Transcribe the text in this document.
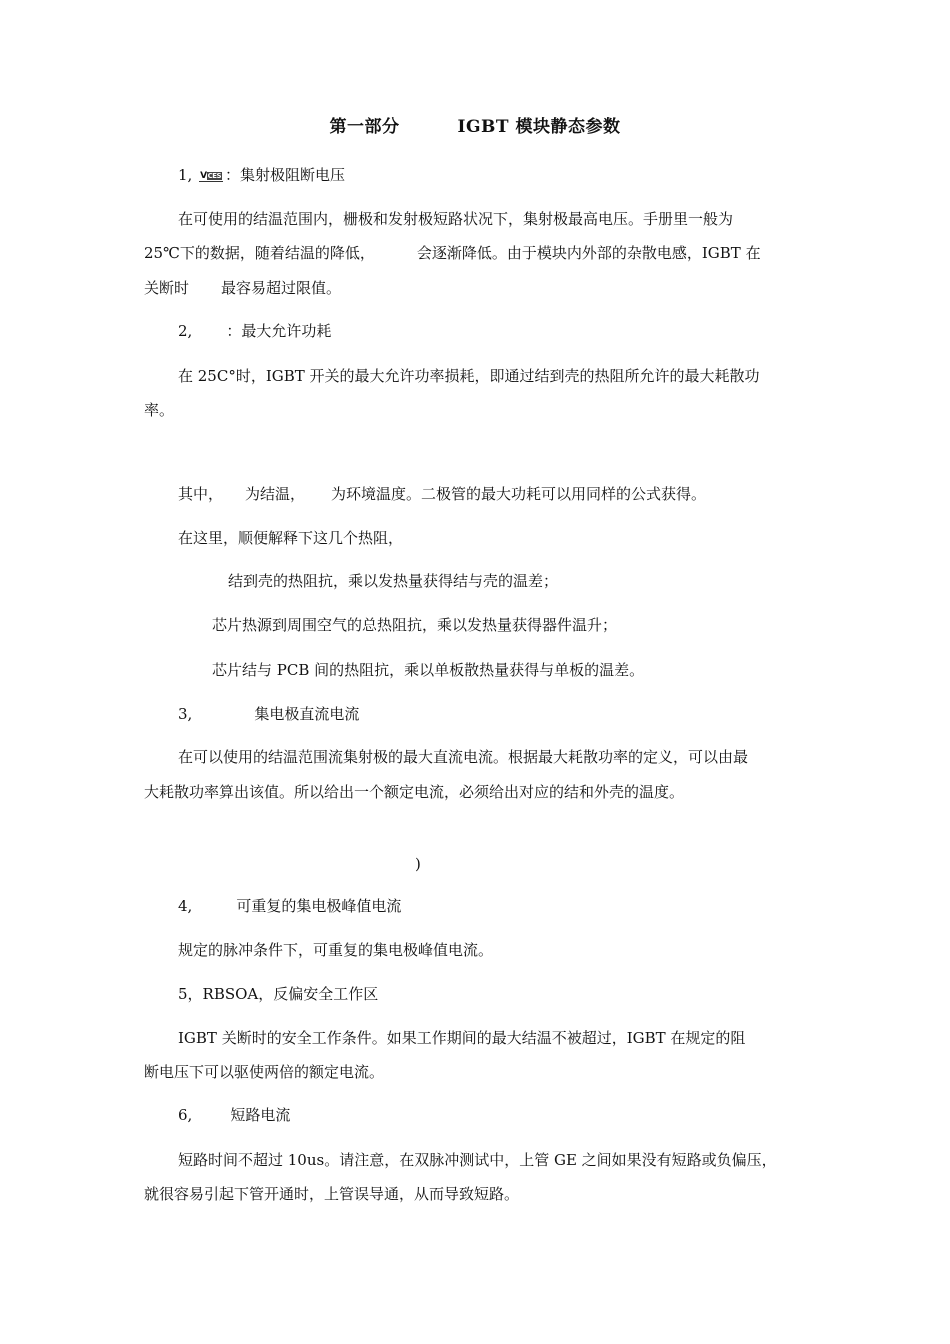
第一部分	IGBT 模块静态参数
1, VCES ：集射极阻断电压
在可使用的结温范围内，栅极和发射极短路状况下，集射极最高电压。手册里一般为
25℃下的数据，随着结温的降低，	会逐渐降低。由于模块内外部的杂散电感，IGBT 在
关断时 最容易超过限值。
2, ：最大允许功耗
在 25C°时，IGBT 开关的最大允许功率损耗，即通过结到壳的热阻所允许的最大耗散功
率。
其中， 为结温， 为环境温度。二极管的最大功耗可以用同样的公式获得。
在这里，顺便解释下这几个热阻，
结到壳的热阻抗，乘以发热量获得结与壳的温差；
芯片热源到周围空气的总热阻抗，乘以发热量获得器件温升；
芯片结与 PCB 间的热阻抗，乘以单板散热量获得与单板的温差。
3,	集电极直流电流
在可以使用的结温范围流集射极的最大直流电流。根据最大耗散功率的定义，可以由最
大耗散功率算出该值。所以给出一个额定电流，必须给出对应的结和外壳的温度。
)
4,	可重复的集电极峰值电流
规定的脉冲条件下，可重复的集电极峰值电流。
5，RBSOA，反偏安全工作区
IGBT 关断时的安全工作条件。如果工作期间的最大结温不被超过，IGBT 在规定的阻
断电压下可以驱使两倍的额定电流。
6,	短路电流
短路时间不超过 10us。请注意，在双脉冲测试中，上管 GE 之间如果没有短路或负偏压，
就很容易引起下管开通时，上管误导通，从而导致短路。
